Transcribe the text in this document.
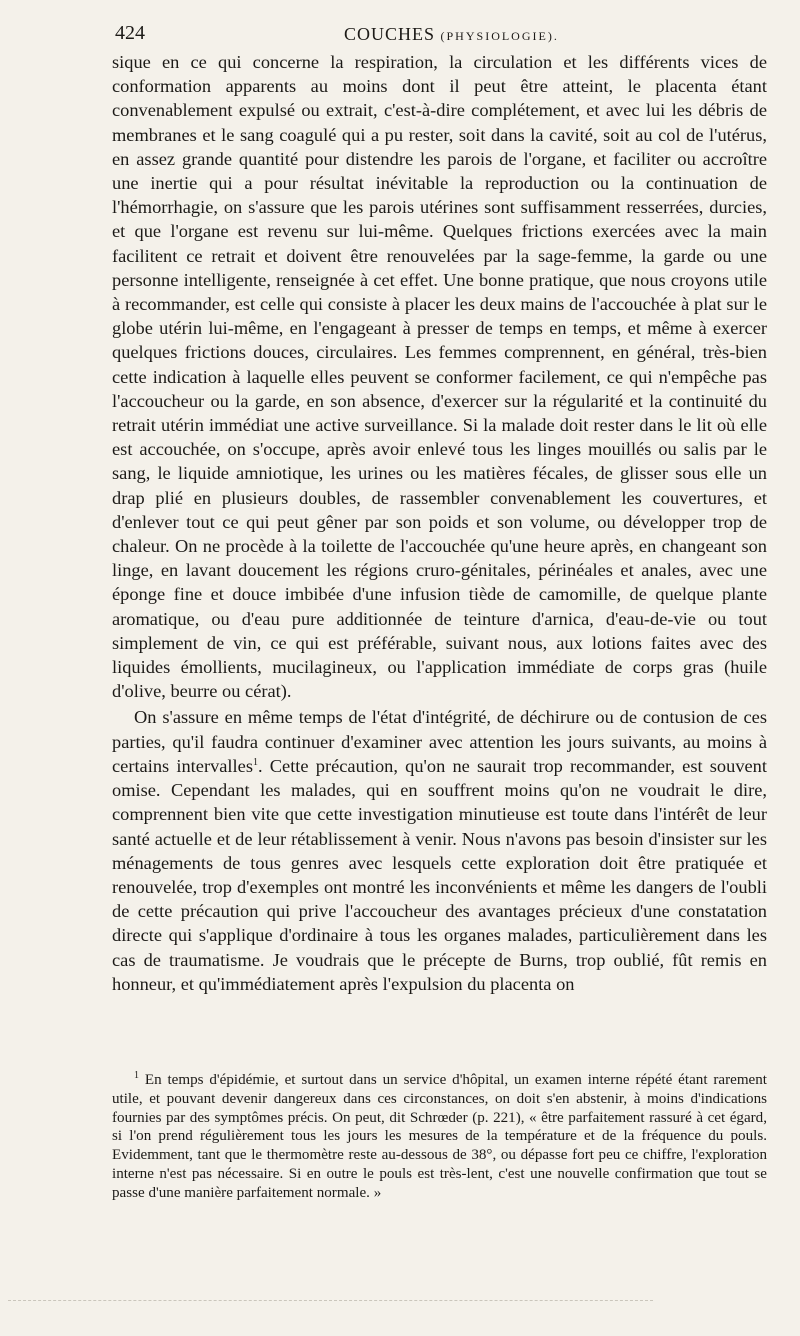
424	COUCHES (PHYSIOLOGIE).

sique en ce qui concerne la respiration, la circulation et les différents vices de conformation apparents au moins dont il peut être atteint, le placenta étant convenablement expulsé ou extrait, c'est-à-dire complétement, et avec lui les débris de membranes et le sang coagulé qui a pu rester, soit dans la cavité, soit au col de l'utérus, en assez grande quantité pour distendre les parois de l'organe, et faciliter ou accroître une inertie qui a pour résultat inévitable la reproduction ou la continuation de l'hémorrhagie, on s'assure que les parois utérines sont suffisamment resserrées, durcies, et que l'organe est revenu sur lui-même. Quelques frictions exercées avec la main facilitent ce retrait et doivent être renouvelées par la sage-femme, la garde ou une personne intelligente, renseignée à cet effet. Une bonne pratique, que nous croyons utile à recommander, est celle qui consiste à placer les deux mains de l'accouchée à plat sur le globe utérin lui-même, en l'engageant à presser de temps en temps, et même à exercer quelques frictions douces, circulaires. Les femmes comprennent, en général, très-bien cette indication à laquelle elles peuvent se conformer facilement, ce qui n'empêche pas l'accoucheur ou la garde, en son absence, d'exercer sur la régularité et la continuité du retrait utérin immédiat une active surveillance. Si la malade doit rester dans le lit où elle est accouchée, on s'occupe, après avoir enlevé tous les linges mouillés ou salis par le sang, le liquide amniotique, les urines ou les matières fécales, de glisser sous elle un drap plié en plusieurs doubles, de rassembler convenablement les couvertures, et d'enlever tout ce qui peut gêner par son poids et son volume, ou développer trop de chaleur. On ne procède à la toilette de l'accouchée qu'une heure après, en changeant son linge, en lavant doucement les régions cruro-génitales, périnéales et anales, avec une éponge fine et douce imbibée d'une infusion tiède de camomille, de quelque plante aromatique, ou d'eau pure additionnée de teinture d'arnica, d'eau-de-vie ou tout simplement de vin, ce qui est préférable, suivant nous, aux lotions faites avec des liquides émollients, mucilagineux, ou l'application immédiate de corps gras (huile d'olive, beurre ou cérat).

On s'assure en même temps de l'état d'intégrité, de déchirure ou de contusion de ces parties, qu'il faudra continuer d'examiner avec attention les jours suivants, au moins à certains intervalles$^1$. Cette précaution, qu'on ne saurait trop recommander, est souvent omise. Cependant les malades, qui en souffrent moins qu'on ne voudrait le dire, comprennent bien vite que cette investigation minutieuse est toute dans l'intérêt de leur santé actuelle et de leur rétablissement à venir. Nous n'avons pas besoin d'insister sur les ménagements de tous genres avec lesquels cette exploration doit être pratiquée et renouvelée, trop d'exemples ont montré les inconvénients et même les dangers de l'oubli de cette précaution qui prive l'accoucheur des avantages précieux d'une constatation directe qui s'applique d'ordinaire à tous les organes malades, particulièrement dans les cas de traumatisme. Je voudrais que le précepte de Burns, trop oublié, fût remis en honneur, et qu'immédiatement après l'expulsion du placenta on

$^1$ En temps d'épidémie, et surtout dans un service d'hôpital, un examen interne répété étant rarement utile, et pouvant devenir dangereux dans ces circonstances, on doit s'en abstenir, à moins d'indications fournies par des symptômes précis. On peut, dit Schrœder (p. 221), « être parfaitement rassuré à cet égard, si l'on prend régulièrement tous les jours les mesures de la température et de la fréquence du pouls. Evidemment, tant que le thermomètre reste au-dessous de 38°, ou dépasse fort peu ce chiffre, l'exploration interne n'est pas nécessaire. Si en outre le pouls est très-lent, c'est une nouvelle confirmation que tout se passe d'une manière parfaitement normale. »
